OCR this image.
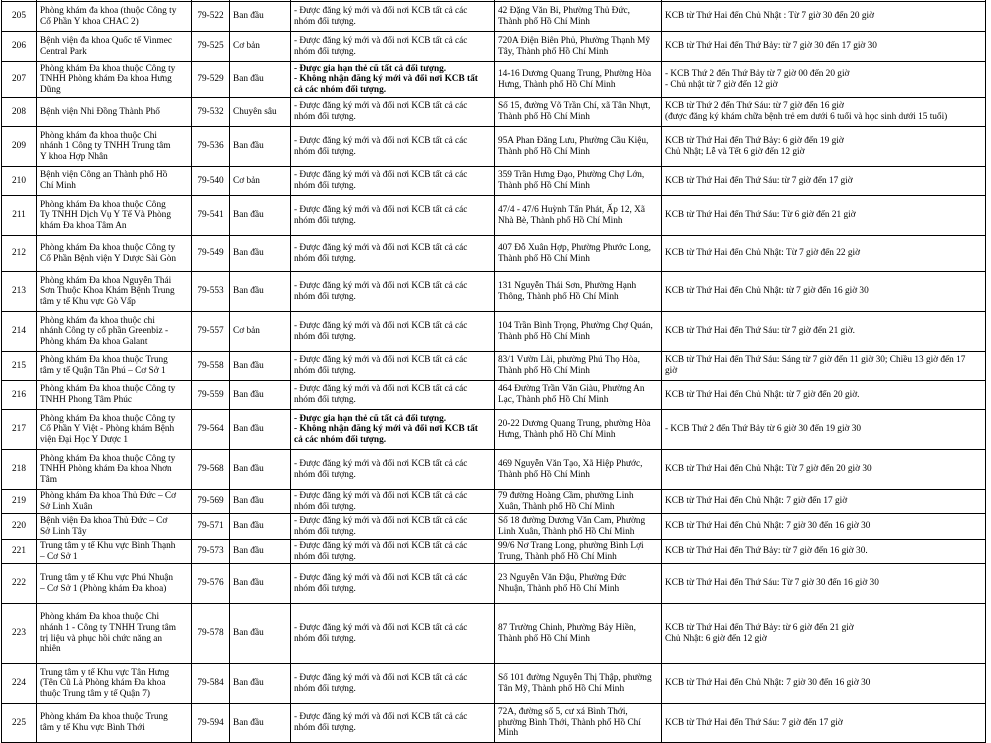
205	Phòng khám đa khoa (thuộc Công ty
Cổ Phần Y khoa CHAC 2)	79-522	Ban đầu	- Được đăng ký mới và đổi nơi KCB tất cả các
nhóm đối tượng.	42 Đặng Văn Bi, Phường Thủ Đức,
Thành phố Hồ Chí Minh	KCB từ Thứ Hai đến Chủ Nhật : Từ 7 giờ 30 đến 20 giờ
206	Bệnh viện đa khoa Quốc tế Vinmec
Central Park	79-525	Cơ bản	- Được đăng ký mới và đổi nơi KCB tất cả các
nhóm đối tượng.	720A Điện Biên Phủ, Phường Thạnh Mỹ
Tây, Thành phố Hồ Chí Minh	KCB từ Thứ Hai đến Thứ Bảy: từ 7 giờ 30 đến 17 giờ 30
207	Phòng khám Đa khoa thuộc Công ty
TNHH Phòng khám Đa khoa Hưng
Dũng	79-529	Ban đầu	- Được gia hạn thẻ cũ tất cả đối tượng.
- Không nhận đăng ký mới và đổi nơi KCB tất
cả các nhóm đối tượng.	14-16 Dương Quang Trung, Phường Hòa
Hưng, Thành phố Hồ Chí Minh	- KCB Thứ 2 đến Thứ Bảy từ 7 giờ 00 đến 20 giờ
- Chủ nhật từ 7 giờ đến 12 giờ
208	Bệnh viện Nhi Đồng Thành Phố	79-532	Chuyên sâu	- Được đăng ký mới và đổi nơi KCB tất cả các
nhóm đối tượng.	Số 15, đường Võ Trần Chí, xã Tân Nhựt,
Thành phố Hồ Chí Minh	KCB từ Thứ 2 đến Thứ Sáu: từ 7 giờ đến 16 giờ
(được đăng ký khám chữa bệnh trẻ em dưới 6 tuổi và học sinh dưới 15 tuổi)
209	Phòng khám đa khoa thuộc Chi
nhánh 1 Công ty TNHH Trung tâm
Y khoa Hợp Nhân	79-536	Ban đầu	- Được đăng ký mới và đổi nơi KCB tất cả các
nhóm đối tượng.	95A Phan Đăng Lưu, Phường Cầu Kiệu,
Thành phố Hồ Chí Minh	KCB từ Thứ Hai đến Thứ Bảy: 6 giờ đến 19 giờ
Chủ Nhật; Lễ và Tết 6 giờ đến 12 giờ
210	Bệnh viện Công an Thành phố Hồ
Chí Minh	79-540	Cơ bản	- Được đăng ký mới và đổi nơi KCB tất cả các
nhóm đối tượng.	359 Trần Hưng Đạo, Phường Chợ Lớn,
Thành phố Hồ Chí Minh	KCB từ Thứ Hai đến Thứ Sáu: từ 7 giờ đến 17 giờ
211	Phòng khám Đa khoa thuộc Công
Ty TNHH Dịch Vụ Y Tế Và Phòng
khám Đa khoa Tâm An	79-541	Ban đầu	- Được đăng ký mới và đổi nơi KCB tất cả các
nhóm đối tượng.	47/4 - 47/6 Huỳnh Tấn Phát, Ấp 12, Xã
Nhà Bè, Thành phố Hồ Chí Minh	KCB từ Thứ Hai đến Thứ Sáu: Từ 6 giờ đến 21 giờ
212	Phòng khám Đa khoa thuộc Công ty
Cổ Phần Bệnh viện Y Dược Sài Gòn	79-549	Ban đầu	- Được đăng ký mới và đổi nơi KCB tất cả các
nhóm đối tượng.	407 Đỗ Xuân Hợp, Phường Phước Long,
Thành phố Hồ Chí Minh	KCB từ Thứ Hai đến Chủ Nhật: Từ 7 giờ đến 22 giờ
213	Phòng khám Đa khoa Nguyễn Thái
Sơn Thuộc Khoa Khám Bệnh Trung
tâm y tế Khu vực Gò Vấp	79-553	Ban đầu	- Được đăng ký mới và đổi nơi KCB tất cả các
nhóm đối tượng.	131 Nguyễn Thái Sơn, Phường Hạnh
Thông, Thành phố Hồ Chí Minh	KCB từ Thứ Hai đến Chủ Nhật: từ 7 giờ đến 16 giờ 30
214	Phòng khám đa khoa thuộc chi
nhánh Công ty cổ phần Greenbiz -
Phòng khám Đa khoa Galant	79-557	Cơ bản	- Được đăng ký mới và đổi nơi KCB tất cả các
nhóm đối tượng.	104 Trần Bình Trọng, Phường Chợ Quán,
Thành phố Hồ Chí Minh	KCB từ Thứ Hai đến Thứ Sáu: từ 7 giờ đến 21 giờ.
215	Phòng khám Đa khoa thuộc Trung
tâm y tế Quận Tân Phú – Cơ Sở 1	79-558	Ban đầu	- Được đăng ký mới và đổi nơi KCB tất cả các
nhóm đối tượng.	83/1 Vườn Lài, phường Phú Thọ Hòa,
Thành phố Hồ Chí Minh	KCB từ Thứ Hai đến Thứ Sáu: Sáng từ 7 giờ đến 11 giờ 30; Chiều 13 giờ đến 17
giờ
216	Phòng khám Đa khoa thuộc Công ty
TNHH Phong Tâm Phúc	79-559	Ban đầu	- Được đăng ký mới và đổi nơi KCB tất cả các
nhóm đối tượng.	464 Đường Trần Văn Giàu, Phường An
Lạc, Thành phố Hồ Chí Minh	KCB từ Thứ Hai đến Chủ Nhật: từ 7 giờ đến 20 giờ.
217	Phòng khám Đa khoa thuộc Công ty
Cổ Phần Y Việt - Phòng khám Bệnh
viện Đại Học Y Dược 1	79-564	Ban đầu	- Được gia hạn thẻ cũ tất cả đối tượng.
- Không nhận đăng ký mới và đổi nơi KCB tất
cả các nhóm đối tượng.	20-22 Dương Quang Trung, phường Hòa
Hưng, Thành phố Hồ Chí Minh	- KCB Thứ 2 đến Thứ Bảy từ 6 giờ 30 đến 19 giờ 30
218	Phòng khám Đa khoa thuộc Công ty
TNHH Phòng khám Đa khoa Nhơn
Tâm	79-568	Ban đầu	- Được đăng ký mới và đổi nơi KCB tất cả các
nhóm đối tượng.	469 Nguyễn Văn Tạo, Xã Hiệp Phước,
Thành phố Hồ Chí Minh	KCB từ Thứ Hai đến Chủ Nhật: Từ 7 giờ đến 20 giờ 30
219	Phòng khám Đa khoa Thủ Đức – Cơ
Sở Linh Xuân	79-569	Ban đầu	- Được đăng ký mới và đổi nơi KCB tất cả các
nhóm đối tượng.	79 đường Hoàng Cầm, phường Linh
Xuân, Thành phố Hồ Chí Minh	KCB từ Thứ Hai đến Chủ Nhật: 7 giờ đến 17 giờ
220	Bệnh viện Đa khoa Thủ Đức – Cơ
Sở Linh Tây	79-571	Ban đầu	- Được đăng ký mới và đổi nơi KCB tất cả các
nhóm đối tượng.	Số 18 đường Dương Văn Cam, Phường
Linh Xuân, Thành phố Hồ Chí Minh	KCB từ Thứ Hai đến Chủ Nhật: 7 giờ 30 đến 16 giờ 30
221	Trung tâm y tế Khu vực Bình Thạnh
– Cơ Sở 1	79-573	Ban đầu	- Được đăng ký mới và đổi nơi KCB tất cả các
nhóm đối tượng.	99/6 Nơ Trang Long, phường Bình Lợi
Trung, Thành phố Hồ Chí Minh	KCB từ Thứ Hai đến Thứ Bảy: từ 7 giờ đến 16 giờ 30.
222	Trung tâm y tế Khu vực Phú Nhuận
– Cơ Sở 1 (Phòng khám Đa khoa)	79-576	Ban đầu	- Được đăng ký mới và đổi nơi KCB tất cả các
nhóm đối tượng.	23 Nguyễn Văn Đậu, Phường Đức
Nhuận, Thành phố Hồ Chí Minh	KCB từ Thứ Hai đến Thứ Sáu: Từ 7 giờ 30 đến 16 giờ 30
223	Phòng khám Đa khoa thuộc Chi
nhánh 1 - Công ty TNHH Trung tâm
trị liệu và phục hồi chức năng an
nhiên	79-578	Ban đầu	- Được đăng ký mới và đổi nơi KCB tất cả các
nhóm đối tượng.	87 Trường Chinh, Phường Bảy Hiền,
Thành phố Hồ Chí Minh	KCB từ Thứ Hai đến Thứ Bảy: từ 6 giờ đến 21 giờ
Chủ Nhật: 6 giờ đến 12 giờ
224	Trung tâm y tế Khu vực Tân Hưng
(Tên Cũ Là Phòng khám Đa khoa
thuộc Trung tâm y tế Quận 7)	79-584	Ban đầu	- Được đăng ký mới và đổi nơi KCB tất cả các
nhóm đối tượng.	Số 101 đường Nguyễn Thị Thập, phường
Tân Mỹ, Thành phố Hồ Chí Minh	KCB từ Thứ Hai đến Chủ Nhật: 7 giờ 30 đến 16 giờ 30
225	Phòng khám Đa khoa thuộc Trung
tâm y tế Khu vực Bình Thới	79-594	Ban đầu	- Được đăng ký mới và đổi nơi KCB tất cả các
nhóm đối tượng.	72A, đường số 5, cư xá Bình Thới,
phường Bình Thới, Thành phố Hồ Chí
Minh	KCB từ Thứ Hai đến Thứ Sáu: 7 giờ đến 17 giờ
